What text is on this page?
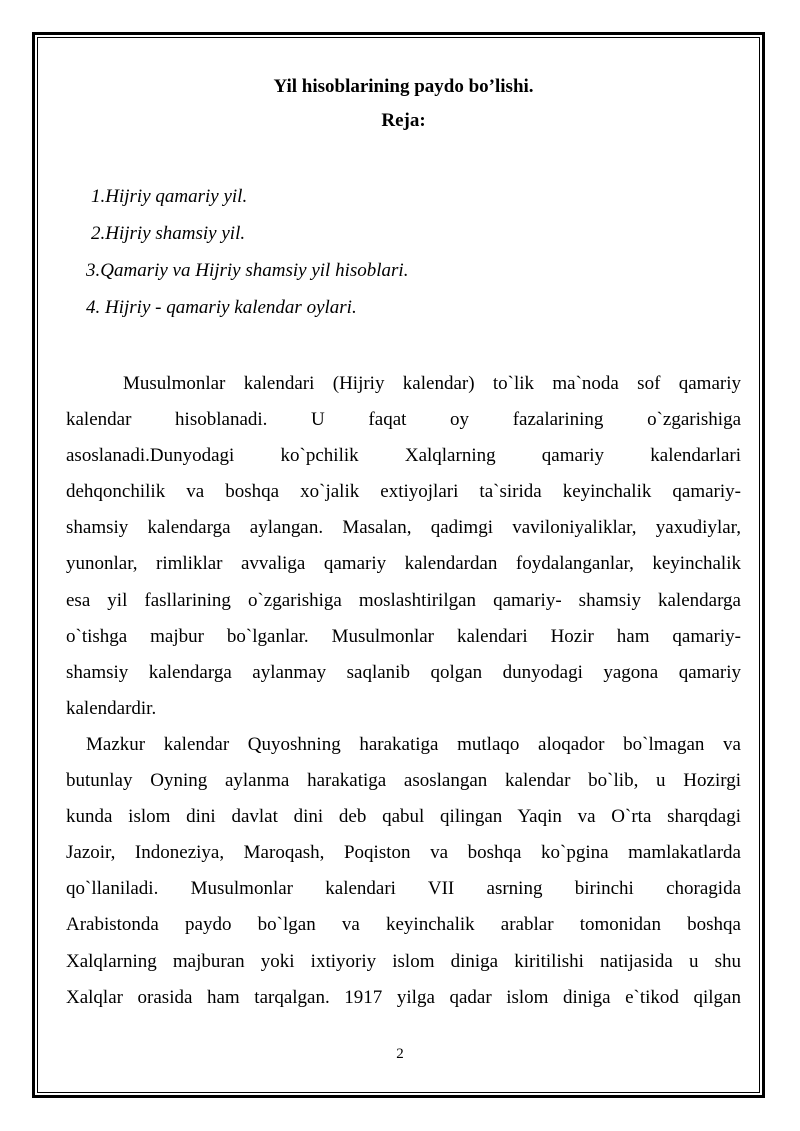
Yil hisoblarining paydo bo’lishi.
Reja:
1.Hijriy qamariy yil.
2.Hijriy shamsiy yil.
3.Qamariy va Hijriy shamsiy yil hisoblari.
4. Hijriy - qamariy kalendar oylari.
Musulmonlar kalendari (Hijriy kalendar) to`lik ma`noda sof qamariy
kalendar hisoblanadi. U faqat oy fazalarining o`zgarishiga
asoslanadi.Dunyodagi ko`pchilik Xalqlarning qamariy kalendarlari
dehqonchilik va boshqa xo`jalik extiyojlari ta`sirida keyinchalik qamariy-
shamsiy kalendarga aylangan. Masalan, qadimgi vaviloniyaliklar, yaxudiylar,
yunonlar, rimliklar avvaliga qamariy kalendardan foydalanganlar, keyinchalik
esa yil fasllarining o`zgarishiga moslashtirilgan qamariy- shamsiy kalendarga
o`tishga majbur bo`lganlar. Musulmonlar kalendari Hozir ham qamariy-
shamsiy kalendarga aylanmay saqlanib qolgan dunyodagi yagona qamariy
kalendardir.
Mazkur kalendar Quyoshning harakatiga mutlaqo aloqador bo`lmagan va
butunlay Oyning aylanma harakatiga asoslangan kalendar bo`lib, u Hozirgi
kunda islom dini davlat dini deb qabul qilingan Yaqin va O`rta sharqdagi
Jazoir, Indoneziya, Maroqash, Poqiston va boshqa ko`pgina mamlakatlarda
qo`llaniladi. Musulmonlar kalendari VII asrning birinchi choragida
Arabistonda paydo bo`lgan va keyinchalik arablar tomonidan boshqa
Xalqlarning majburan yoki ixtiyoriy islom diniga kiritilishi natijasida u shu
Xalqlar orasida ham tarqalgan. 1917 yilga qadar islom diniga e`tikod qilgan
2
